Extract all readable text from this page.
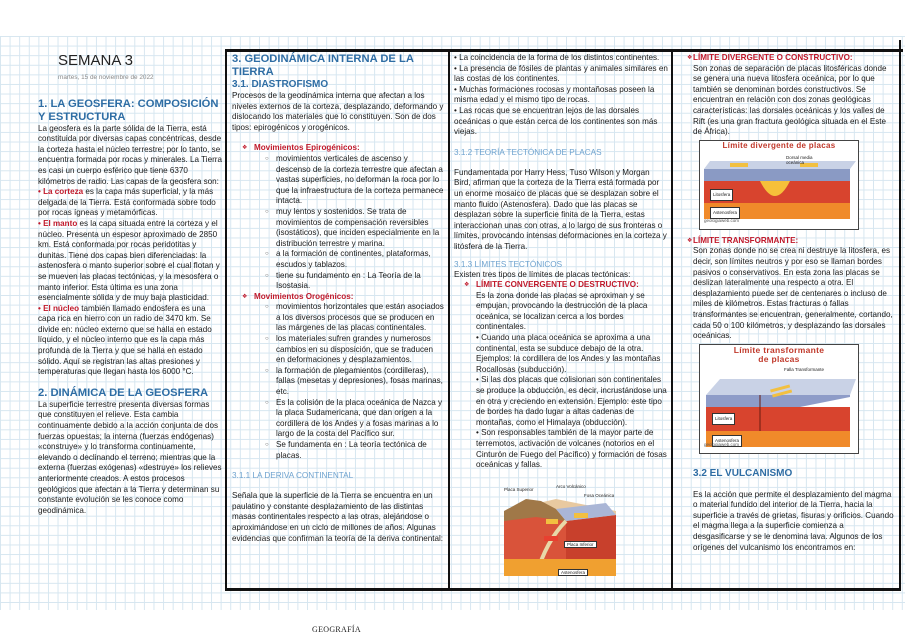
SEMANA 3
martes, 15 de noviembre de 2022
1. LA GEOSFERA: COMPOSICIÓN Y ESTRUCTURA

La geosfera es la parte sólida de la Tierra, está constituida por diversas capas concéntricas, desde la corteza hasta el núcleo terrestre; por lo tanto, se encuentra formada por rocas y minerales. La Tierra es casi un cuerpo esférico que tiene 6370 kilómetros de radio. Las capas de la geosfera son:

• La corteza es la capa más superficial, y la más delgada de la Tierra. Está conformada sobre todo por rocas ígneas y metamórficas.

• El manto es la capa situada entre la corteza y el núcleo. Presenta un espesor aproximado de 2850 km. Está conformada por rocas peridotitas y dunitas. Tiene dos capas bien diferenciadas: la astenosfera o manto superior sobre el cual flotan y se mueven las placas tectónicas, y la mesosfera o manto inferior. Esta última es una zona esencialmente sólida y de muy baja plasticidad.

• El núcleo también llamado endosfera es una capa rica en hierro con un radio de 3470 km. Se divide en: núcleo externo que se halla en estado líquido, y el núcleo interno que es la capa más profunda de la Tierra y que se halla en estado sólido. Aquí se registran las altas presiones y temperaturas que llegan hasta los 6000 °C.

2. DINÁMICA DE LA GEOSFERA

La superficie terrestre presenta diversas formas que constituyen el relieve. Esta cambia continuamente debido a la acción conjunta de dos fuerzas opuestas; la interna (fuerzas endógenas) «construye» y lo transforma continuamente, elevando o declinando el terreno; mientras que la externa (fuerzas exógenas) «destruye» los relieves anteriormente creados. A estos procesos geológicos que afectan a la Tierra y determinan su constante evolución se les conoce como geodinámica.

3. GEODINÁMICA INTERNA DE LA TIERRA
3.1. DIASTROFISMO

Procesos de la geodinámica interna que afectan a los niveles externos de la corteza, desplazando, deformando y dislocando los materiales que lo constituyen. Son de dos tipos: epirogénicos y orogénicos.

❖ Movimientos Epirogénicos:
○ movimientos verticales de ascenso y descenso de la corteza terrestre que afectan a vastas superficies, no deforman la roca por lo que la infraestructura de la corteza permanece intacta.
○ muy lentos y sostenidos. Se trata de movimientos de compensación reversibles (isostáticos), que inciden especialmente en la distribución terrestre y marina.
○ a la formación de continentes, plataformas, escudos y tablazos.
○ tiene su fundamento en : La Teoría de la Isostasia.
❖ Movimientos Orogénicos:
○ movimientos horizontales que están asociados a los diversos procesos que se producen en las márgenes de las placas continentales.
○ los materiales sufren grandes y numerosos cambios en su disposición, que se traducen en deformaciones y desplazamientos.
○ la formación de plegamientos (cordilleras), fallas (mesetas y depresiones), fosas marinas, etc.
○ Es la colisión de la placa oceánica de Nazca y la placa Sudamericana, que dan origen a la cordillera de los Andes y a fosas marinas a lo largo de la costa del Pacífico sur.
○ Se fundamenta en : La teoría tectónica de placas.
3.1.1 LA DERIVA CONTINENTAL

Señala que la superficie de la Tierra se encuentra en un paulatino y constante desplazamiento de las distintas masas continentales respecto a las otras, alejándose o aproximándose en un ciclo de millones de años. Algunas evidencias que confirman la teoría de la deriva continental:

• La coincidencia de la forma de los distintos continentes.

• La presencia de fósiles de plantas y animales similares en las costas de los continentes.

• Muchas formaciones rocosas y montañosas poseen la misma edad y el mismo tipo de rocas.

• Las rocas que se encuentran lejos de las dorsales oceánicas o que están cerca de los continentes son más viejas.

3.1.2 TEORÍA TECTÓNICA DE PLACAS

Fundamentada por Harry Hess, Tuso Wilson y Morgan Bird, afirman que la corteza de la Tierra está formada por un enorme mosaico de placas que se desplazan sobre el manto fluido (Astenosfera). Dado que las placas se desplazan sobre la superficie finita de la Tierra, estas interaccionan unas con otras, a lo largo de sus fronteras o límites, provocando intensas deformaciones en la corteza y litósfera de la Tierra.

3.1.3 LÍMITES TECTÓNICOS

Existen tres tipos de límites de placas tectónicas:

❖ LÍMITE CONVERGENTE O DESTRUCTIVO:

Es la zona donde las placas se aproximan y se empujan, provocando la destrucción de la placa oceánica, se localizan cerca a los bordes continentales.

• Cuando una placa oceánica se aproxima a una continental, esta se subduce debajo de la otra. Ejemplos: la cordillera de los Andes y las montañas Rocallosas (subducción).

• Si las dos placas que colisionan son continentales se produce la obducción, es decir, incrustándose una en otra y creciendo en extensión. Ejemplo: este tipo de bordes ha dado lugar a altas cadenas de montañas, como el Himalaya (obducción).

• Son responsables también de la mayor parte de terremotos, activación de volcanes (notorios en el Cinturón de Fuego del Pacífico) y formación de fosas oceánicas y fallas.

Placa Superior
Arco Volcánico
Fosa Oceánica
Placa Inferior
Astenosfera
❖ LÍMITE DIVERGENTE O CONSTRUCTIVO:

Son zonas de separación de placas litosféricas donde se genera una nueva litosfera oceánica, por lo que también se denominan bordes constructivos. Se encuentran en relación con dos zonas geológicas características: las dorsales oceánicas y los valles de Rift (es una gran fractura geológica situada en el Este de África).

Límite divergente de placas
Dorsal media oceánica
Litosfera
Astenosfera
geologiaweb.com
❖ LÍMITE TRANSFORMANTE:

Son zonas donde no se crea ni destruye la litosfera, es decir, son límites neutros y por eso se llaman bordes pasivos o conservativos. En esta zona las placas se deslizan lateralmente una respecto a otra. El desplazamiento puede ser de centenares o incluso de miles de kilómetros. Estas fracturas o fallas transformantes se encuentran, generalmente, cortando, cada 50 o 100 kilómetros, y desplazando las dorsales oceánicas.

Límite transformante
de placas
Falla Transformante
Litosfera
Astenosfera
geologiaweb.com
3.2 EL VULCANISMO

Es la acción que permite el desplazamiento del magma o material fundido del interior de la Tierra, hacia la superficie a través de grietas, fisuras y orificios. Cuando el magma llega a la superficie comienza a desgasificarse y se le denomina lava. Algunos de los orígenes del vulcanismo los encontramos en:

GEOGRAFÍA
